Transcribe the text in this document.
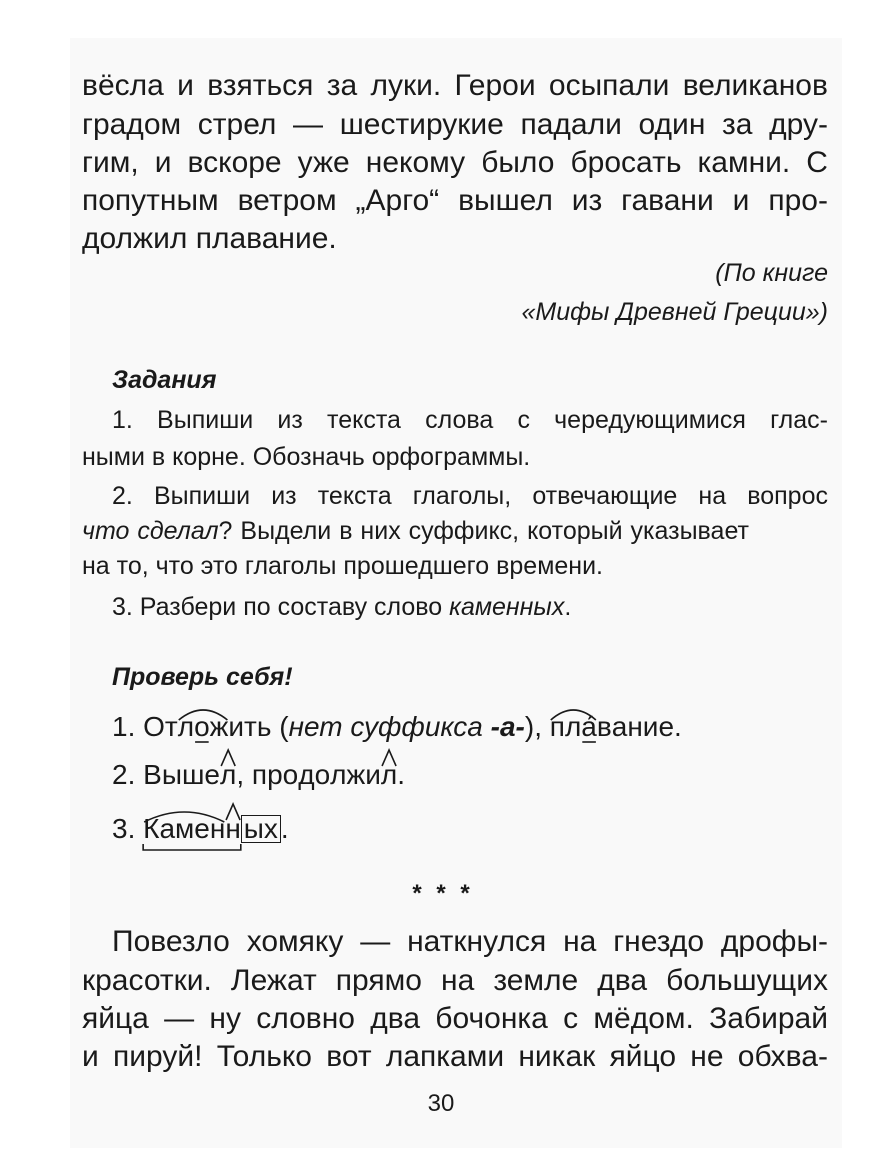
вёсла и взяться за луки. Герои осыпали великанов
градом стрел — шестирукие падали один за дру-
гим, и вскоре уже некому было бросать камни. С
попутным ветром „Арго“ вышел из гавани и про-
должил плавание.
(По книге
«Мифы Древней Греции»)
Задания
1. Выпиши из текста слова с чередующимися глас-
ными в корне. Обозначь орфограммы.
2. Выпиши из текста глаголы, отвечающие на вопрос
что сделал? Выдели в них суффикс, который указывает
на то, что это глаголы прошедшего времени.
3. Разбери по составу слово каменных.
Проверь себя!
1. Отложить (нет суффикса -а-), пла́вание.
2. Вышел, продолжил.
3. Каменн ых .
* * *
Повезло хомяку — наткнулся на гнездо дрофы-
красотки. Лежат прямо на земле два большущих
яйца — ну словно два бочонка с мёдом. Забирай
и пируй! Только вот лапками никак яйцо не обхва-
30
